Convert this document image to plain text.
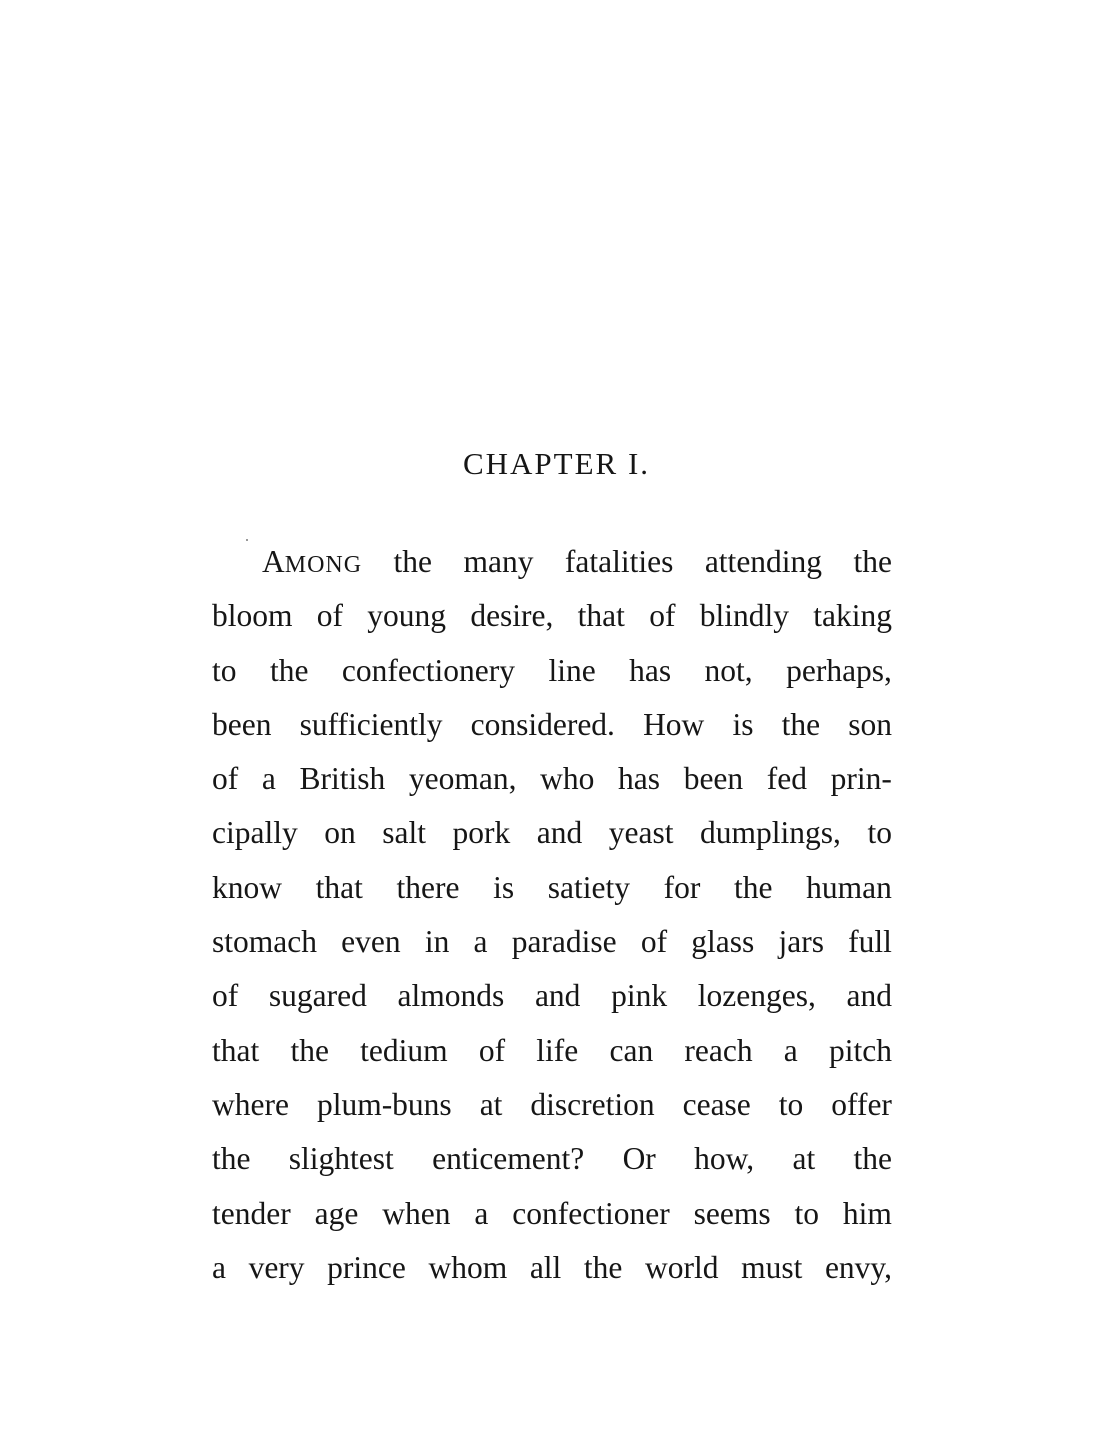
CHAPTER I.
AMONG the many fatalities attending the
bloom of young desire, that of blindly taking
to the confectionery line has not, perhaps,
been sufficiently considered. How is the son
of a British yeoman, who has been fed prin-
cipally on salt pork and yeast dumplings, to
know that there is satiety for the human
stomach even in a paradise of glass jars full
of sugared almonds and pink lozenges, and
that the tedium of life can reach a pitch
where plum-buns at discretion cease to offer
the slightest enticement? Or how, at the
tender age when a confectioner seems to him
a very prince whom all the world must envy,
